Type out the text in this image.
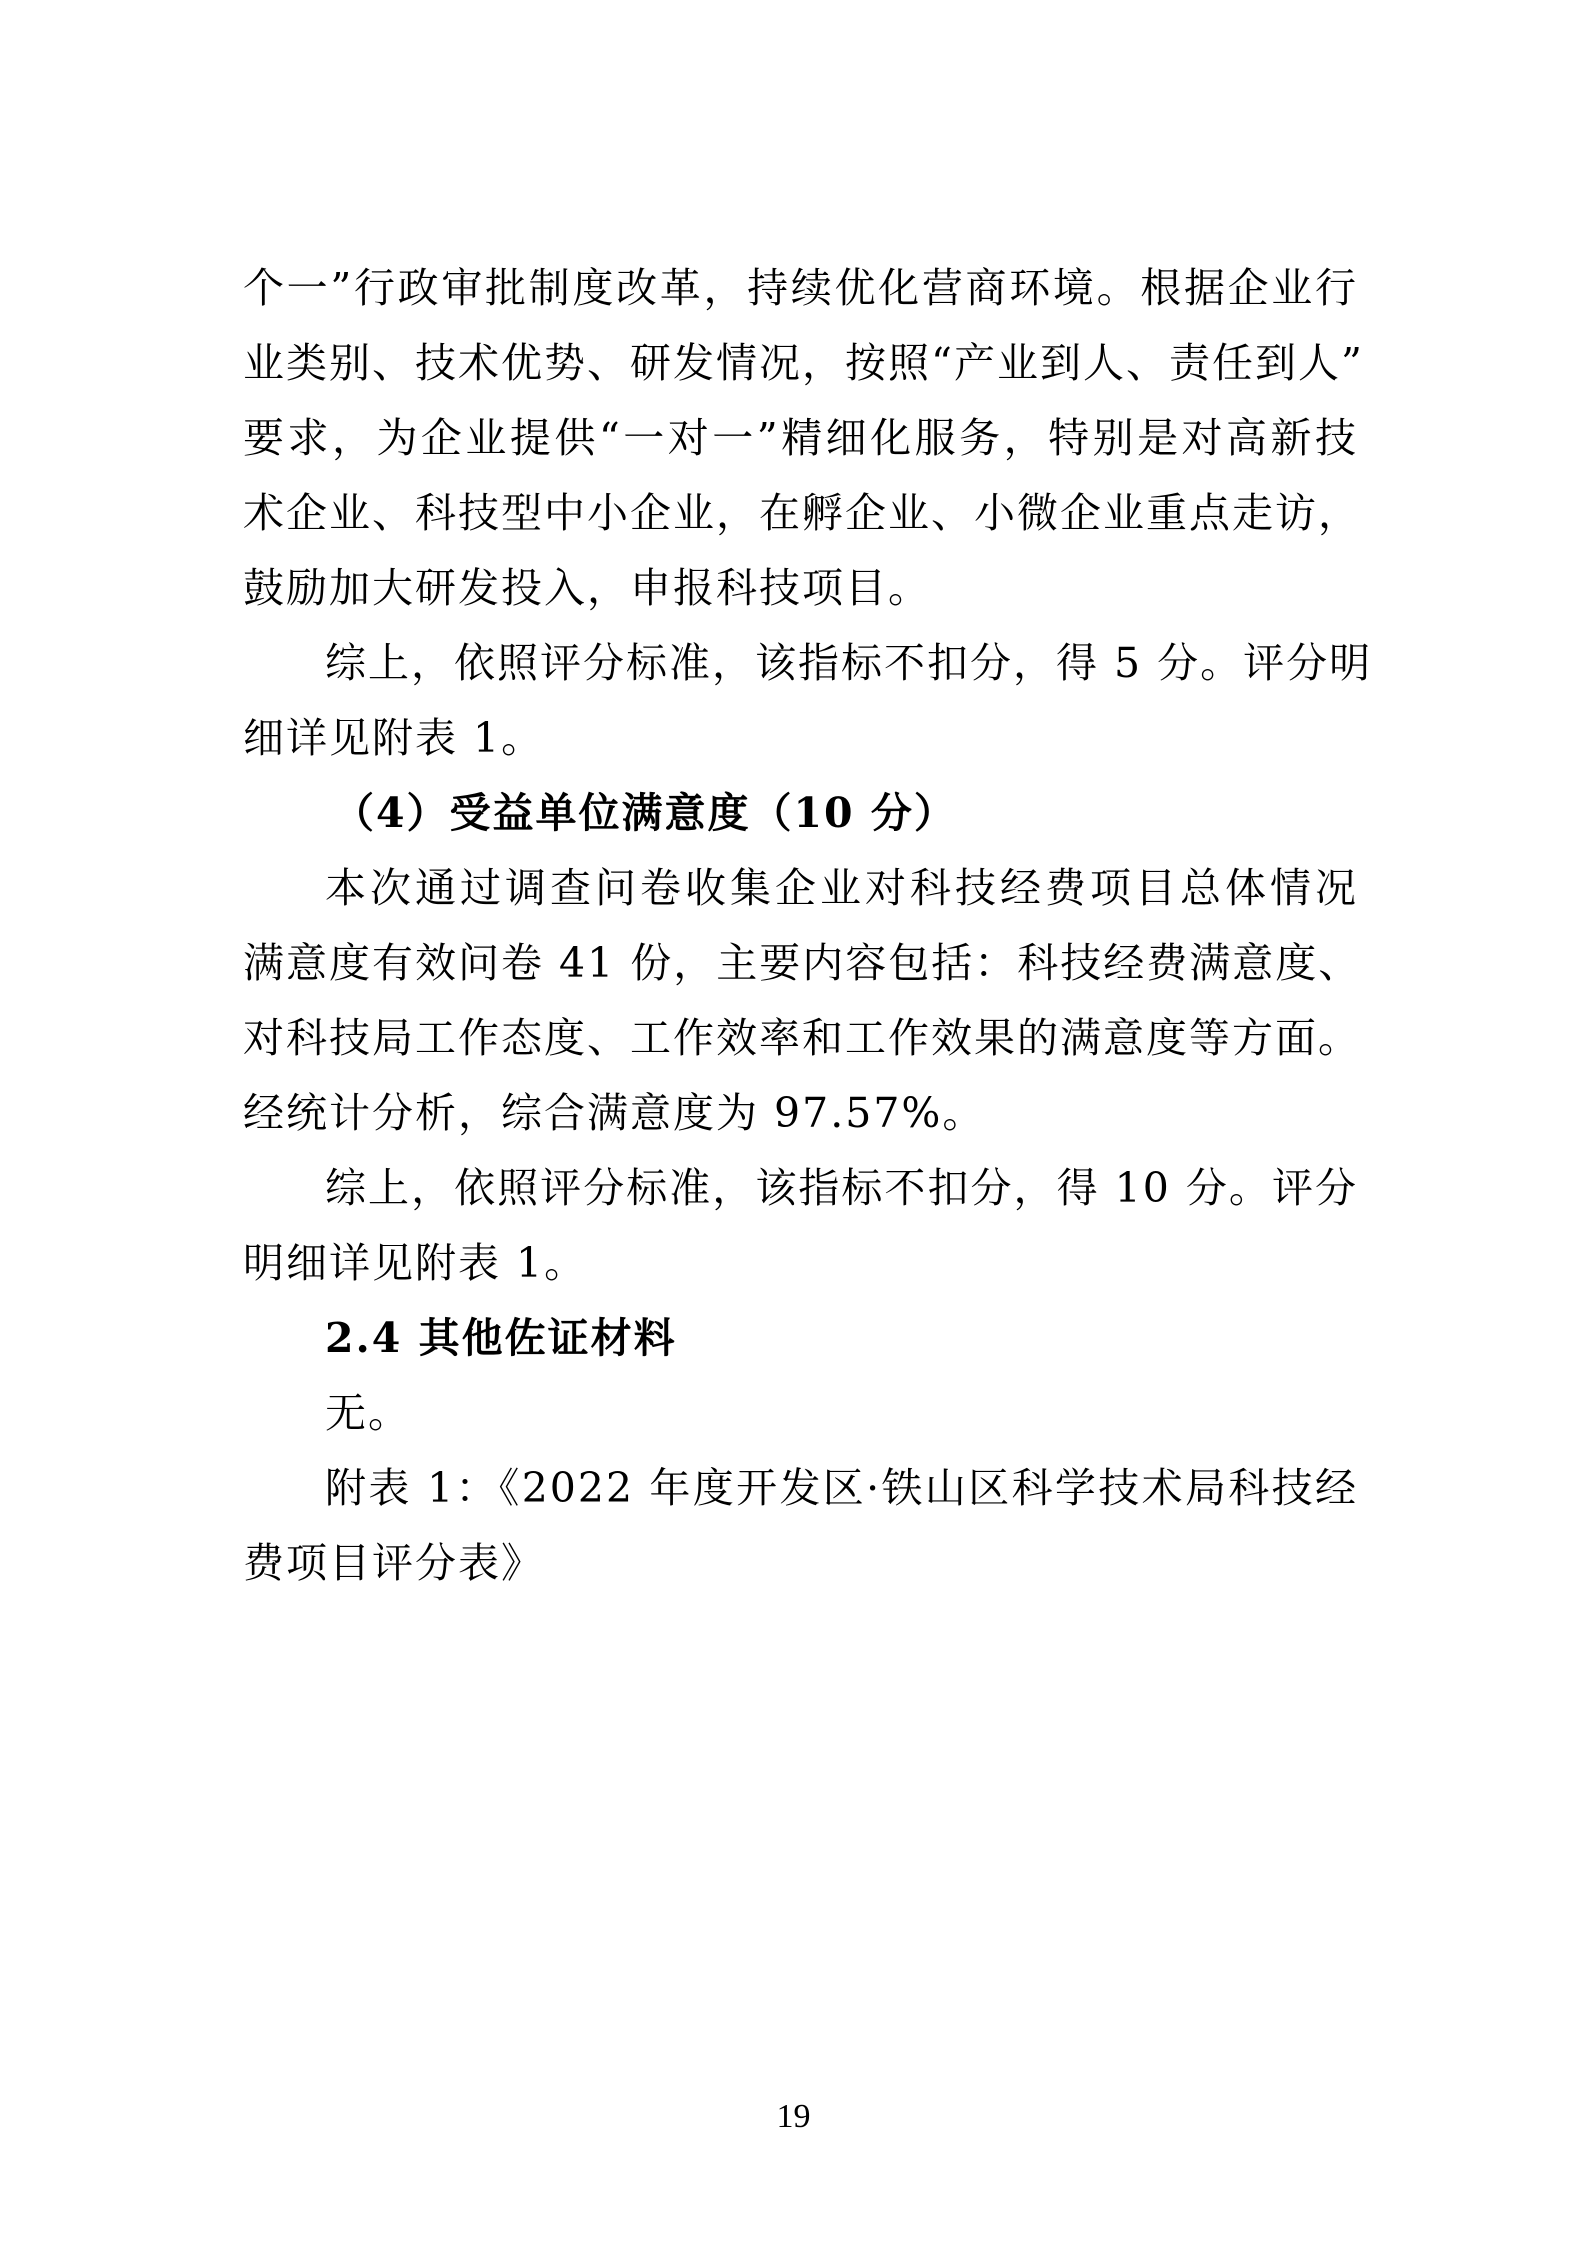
个一”行政审批制度改革，持续优化营商环境。根据企业行
业类别、技术优势、研发情况，按照“产业到人、责任到人”
要求，为企业提供“一对一”精细化服务，特别是对高新技
术企业、科技型中小企业，在孵企业、小微企业重点走访，
鼓励加大研发投入，申报科技项目。
综上，依照评分标准，该指标不扣分，得 5 分。评分明
细详见附表 1。
（4）受益单位满意度（10 分）
本次通过调查问卷收集企业对科技经费项目总体情况
满意度有效问卷 41 份，主要内容包括：科技经费满意度、
对科技局工作态度、工作效率和工作效果的满意度等方面。
经统计分析，综合满意度为 97.57%。
综上，依照评分标准，该指标不扣分，得 10 分。评分
明细详见附表 1。
2.4 其他佐证材料
无。
附表 1：《2022 年度开发区·铁山区科学技术局科技经
费项目评分表》
19
